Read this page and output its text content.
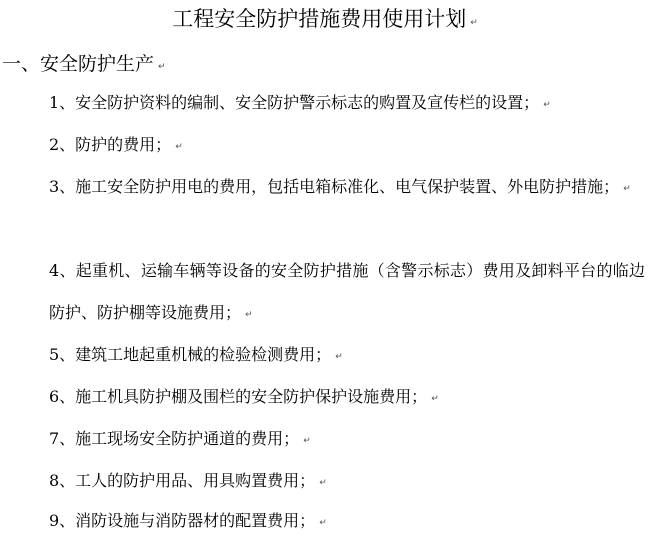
工程安全防护措施费用使用计划 ↵
一、安全防护生产 ↵
1、安全防护资料的编制、安全防护警示标志的购置及宣传栏的设置； ↵
2、防护的费用； ↵
3、施工安全防护用电的费用，包括电箱标准化、电气保护装置、外电防护措施； ↵
4、起重机、运输车辆等设备的安全防护措施（含警示标志）费用及卸料平台的临边防护、防护棚等设施费用； ↵
5、建筑工地起重机械的检验检测费用； ↵
6、施工机具防护棚及围栏的安全防护保护设施费用； ↵
7、施工现场安全防护通道的费用； ↵
8、工人的防护用品、用具购置费用； ↵
9、消防设施与消防器材的配置费用； ↵
